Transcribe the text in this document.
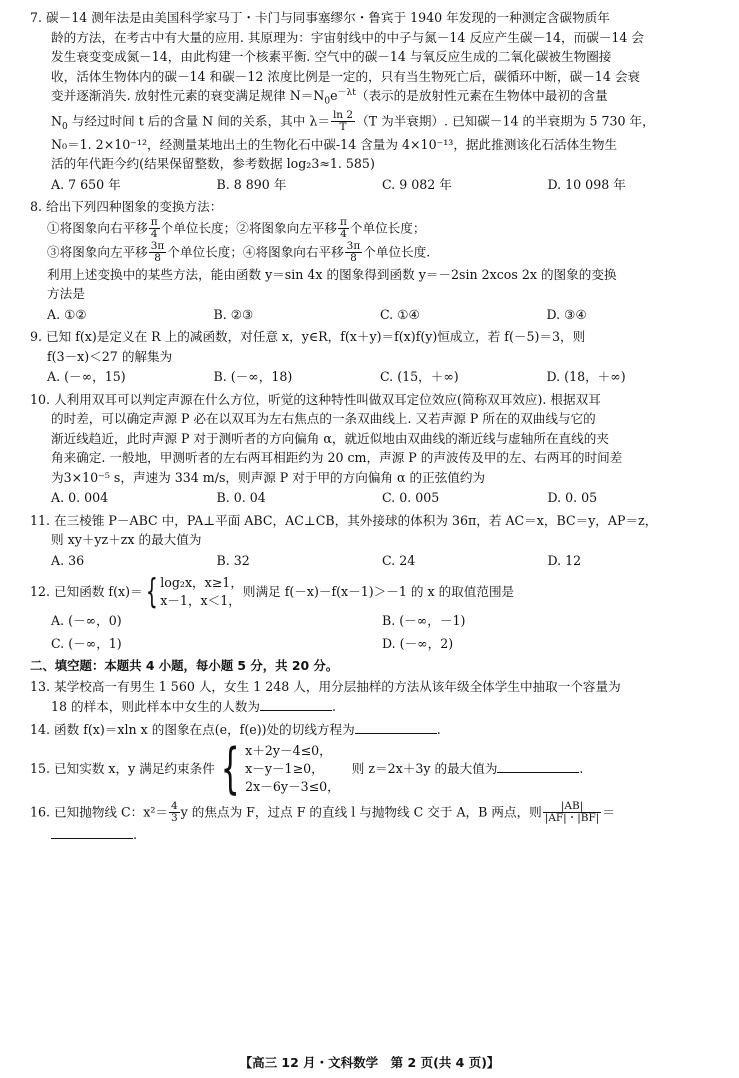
7. 碳－14 测年法是由美国科学家马丁・卡门与同事塞缪尔・鲁宾于 1940 年发现的一种测定含碳物质年
龄的方法，在考古中有大量的应用. 其原理为：宇宙射线中的中子与氮－14 反应产生碳－14，而碳－14 会
发生衰变变成氮－14，由此构建一个核素平衡. 空气中的碳－14 与氧反应生成的二氧化碳被生物圈接
收，活体生物体内的碳－14 和碳－12 浓度比例是一定的，只有当生物死亡后，碳循环中断，碳－14 会衰
变并逐渐消失. 放射性元素的衰变满足规律 $N=N_0e^{-\lambda t}$（表示的是放射性元素在生物体中最初的含量
$N_0$ 与经过时间 t 后的含量 N 间的关系，其中 $\lambda= \frac{\ln 2}{T} (T$ 为半衰期）. 已知碳－14 的半衰期为 5 730 年，
N₀＝1. 2×10⁻¹²，经测量某地出土的生物化石中碳-14 含量为 4×10⁻¹³，据此推测该化石活体生物生
活的年代距今约(结果保留整数，参考数据 log₂3≈1. 585)
A. 7 650 年	B. 8 890 年	C. 9 082 年	D. 10 098 年
8. 给出下列四种图象的变换方法：
①将图象向右平移 $\frac{\pi}{4}$ 个单位长度；②将图象向左平移 $\frac{\pi}{4}$ 个单位长度；
③将图象向左平移 $\frac{3\pi}{8}$ 个单位长度；④将图象向右平移 $\frac{3\pi}{8}$ 个单位长度.
利用上述变换中的某些方法，能由函数 y＝sin 4x 的图象得到函数 y＝－2sin 2xcos 2x 的图象的变换
方法是
A. ①②	B. ②③	C. ①④	D. ③④
9. 已知 f(x)是定义在 R 上的减函数，对任意 x，y∈R，f(x＋y)＝f(x)f(y)恒成立，若 f(－5)＝3，则
f(3－x)＜27 的解集为
A. (－∞，15)	B. (－∞，18)	C. (15，＋∞)	D. (18，＋∞)
10. 人利用双耳可以判定声源在什么方位，听觉的这种特性叫做双耳定位效应(简称双耳效应). 根据双耳
的时差，可以确定声源 P 必在以双耳为左右焦点的一条双曲线上. 又若声源 P 所在的双曲线与它的
渐近线趋近，此时声源 P 对于测听者的方向偏角 α，就近似地由双曲线的渐近线与虚轴所在直线的夹
角来确定. 一般地，甲测听者的左右两耳相距约为 20 cm，声源 P 的声波传及甲的左、右两耳的时间差
为3×10⁻⁵ s，声速为 334 m/s，则声源 P 对于甲的方向偏角 α 的正弦值约为
A. 0. 004	B. 0. 04	C. 0. 005	D. 0. 05
11. 在三棱锥 P－ABC 中，PA⊥平面 ABC，AC⊥CB，其外接球的体积为 36π，若 AC＝x，BC＝y，AP＝z，
则 xy＋yz＋zx 的最大值为
A. 36	B. 32	C. 24	D. 12
12. 已知函数 f(x)＝ { log₂x，x≥1，
x－1，x＜1，
则满足 f(－x)－f(x－1)＞－1 的 x 的取值范围是
A. (－∞，0)	B. (－∞，－1)
C. (－∞，1)	D. (－∞，2)
二、填空题：本题共 4 小题，每小题 5 分，共 20 分。
13. 某学校高一有男生 1 560 人，女生 1 248 人，用分层抽样的方法从该年级全体学生中抽取一个容量为
18 的样本，则此样本中女生的人数为	.
14. 函数 f(x)＝xln x 的图象在点(e，f(e))处的切线方程为	.
15. 已知实数 x，y 满足约束条件 { x＋2y－4≤0，
x－y－1≥0，
2x－6y－3≤0，
则 z＝2x＋3y 的最大值为	.
16. 已知抛物线 C：$x^2= \frac{4}{3}$ y 的焦点为 F，过点 F 的直线 l 与抛物线 C 交于 A，B 两点，则 $\frac{|AB|}{|AF|・|BF|}$ ＝
.
【高三 12 月・文科数学　第 2 页(共 4 页)】
